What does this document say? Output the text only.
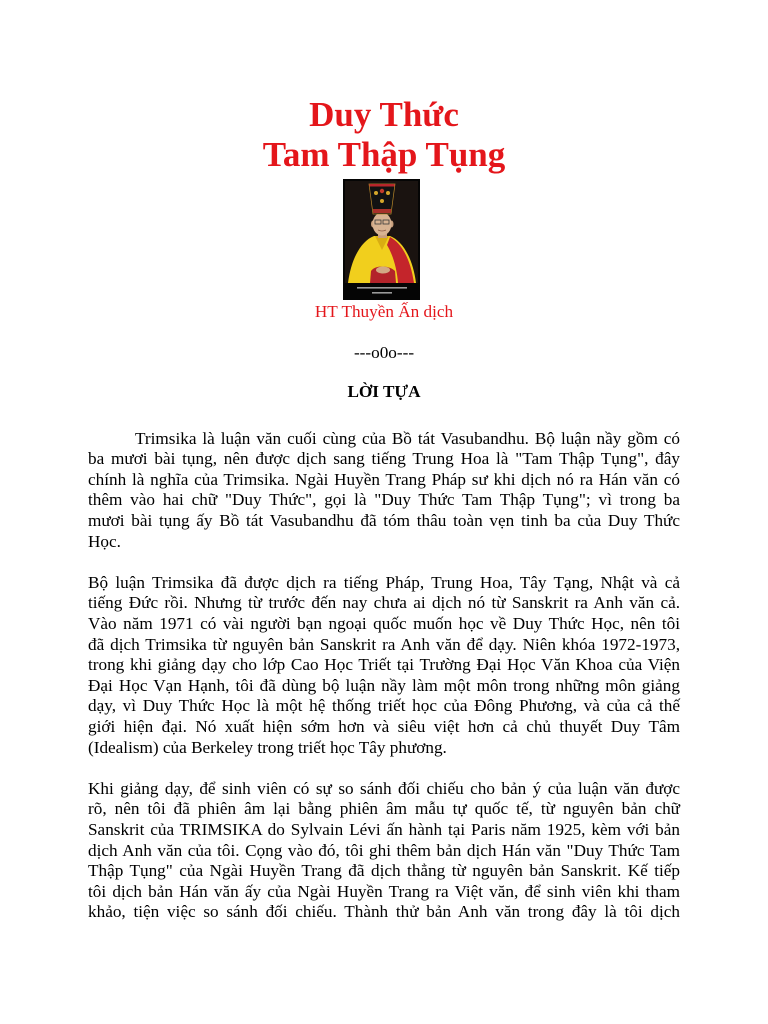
Duy Thức
Tam Thập Tụng
HT Thuyền Ấn dịch
---o0o---
LỜI TỰA

Trimsika là luận văn cuối cùng của Bồ tát Vasubandhu. Bộ luận nầy gồm có
ba mươi bài tụng, nên được dịch sang tiếng Trung Hoa là "Tam Thập Tụng", đây
chính là nghĩa của Trimsika. Ngài Huyền Trang Pháp sư khi dịch nó ra Hán văn có
thêm vào hai chữ "Duy Thức", gọi là "Duy Thức Tam Thập Tụng"; vì trong ba
mươi bài tụng ấy Bồ tát Vasubandhu đã tóm thâu toàn vẹn tinh ba của Duy Thức
Học.

Bộ luận Trimsika đã được dịch ra tiếng Pháp, Trung Hoa, Tây Tạng, Nhật và cả
tiếng Đức rồi. Nhưng từ trước đến nay chưa ai dịch nó từ Sanskrit ra Anh văn cả.
Vào năm 1971 có vài người bạn ngoại quốc muốn học về Duy Thức Học, nên tôi
đã dịch Trimsika từ nguyên bản Sanskrit ra Anh văn để dạy. Niên khóa 1972-1973,
trong khi giảng dạy cho lớp Cao Học Triết tại Trường Đại Học Văn Khoa của Viện
Đại Học Vạn Hạnh, tôi đã dùng bộ luận nầy làm một môn trong những môn giảng
dạy, vì Duy Thức Học là một hệ thống triết học của Đông Phương, và của cả thế
giới hiện đại. Nó xuất hiện sớm hơn và siêu việt hơn cả chủ thuyết Duy Tâm
(Idealism) của Berkeley trong triết học Tây phương.

Khi giảng dạy, để sinh viên có sự so sánh đối chiếu cho bản ý của luận văn được
rõ, nên tôi đã phiên âm lại bằng phiên âm mẫu tự quốc tế, từ nguyên bản chữ
Sanskrit của TRIMSIKA do Sylvain Lévi ấn hành tại Paris năm 1925, kèm với bản
dịch Anh văn của tôi. Cọng vào đó, tôi ghi thêm bản dịch Hán văn "Duy Thức Tam
Thập Tụng" của Ngài Huyền Trang đã dịch thẳng từ nguyên bản Sanskrit. Kế tiếp
tôi dịch bản Hán văn ấy của Ngài Huyền Trang ra Việt văn, để sinh viên khi tham
khảo, tiện việc so sánh đối chiếu. Thành thử bản Anh văn trong đây là tôi dịch
